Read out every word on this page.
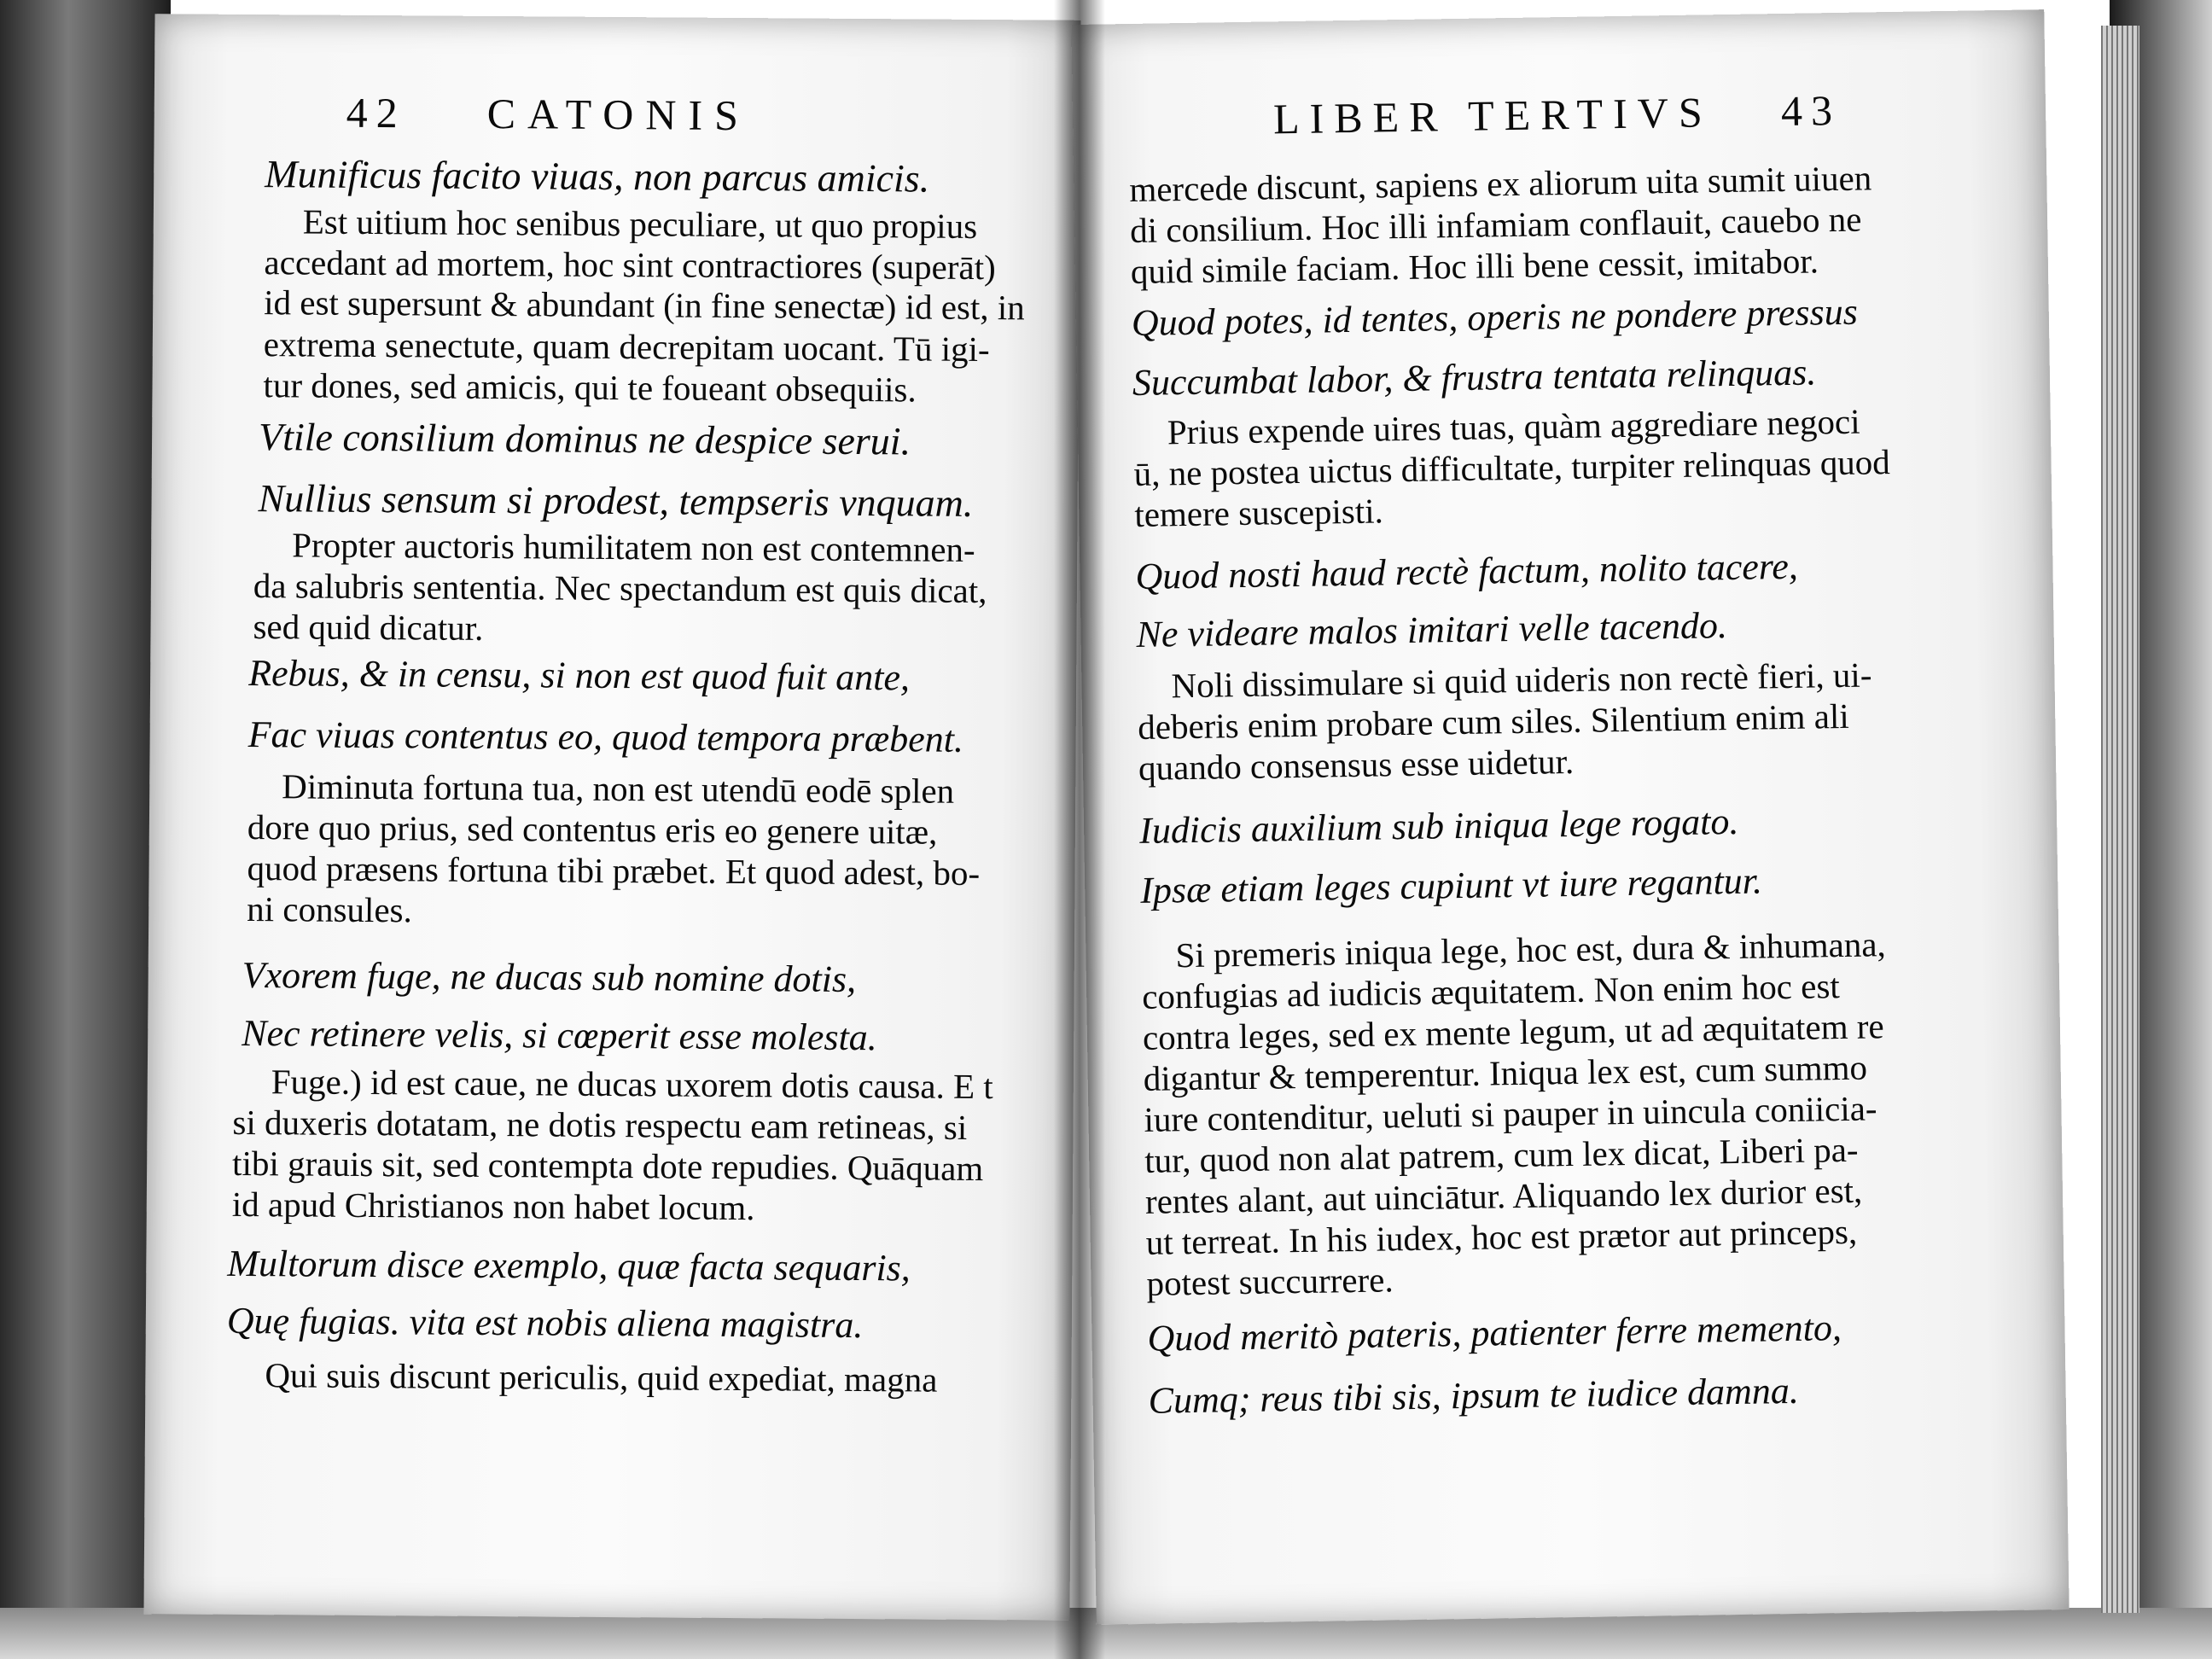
42 CATONIS
Munificus facito viuas, non parcus amicis.
Est uitium hoc senibus peculiare, ut quo propius
accedant ad mortem, hoc sint contractiores (superāt)
id est supersunt & abundant (in fine senectæ) id est, in
extrema senectute, quam decrepitam uocant. Tū igi-
tur dones, sed amicis, qui te foueant obsequiis.
Vtile consilium dominus ne despice serui.
Nullius sensum si prodest, tempseris vnquam.
Propter auctoris humilitatem non est contemnen-
da salubris sententia. Nec spectandum est quis dicat,
sed quid dicatur.
Rebus, & in censu, si non est quod fuit ante,
Fac viuas contentus eo, quod tempora præbent.
Diminuta fortuna tua, non est utendū eodē splen
dore quo prius, sed contentus eris eo genere uitæ,
quod præsens fortuna tibi præbet. Et quod adest, bo-
ni consules.
Vxorem fuge, ne ducas sub nomine dotis,
Nec retinere velis, si cœperit esse molesta.
Fuge.) id est caue, ne ducas uxorem dotis causa. E t
si duxeris dotatam, ne dotis respectu eam retineas, si
tibi grauis sit, sed contempta dote repudies. Quāquam
id apud Christianos non habet locum.
Multorum disce exemplo, quæ facta sequaris,
Quę fugias. vita est nobis aliena magistra.
Qui suis discunt periculis, quid expediat, magna
LIBER TERTIVS 43
mercede discunt, sapiens ex aliorum uita sumit uiuen
di consilium. Hoc illi infamiam conflauit, cauebo ne
quid simile faciam. Hoc illi bene cessit, imitabor.
Quod potes, id tentes, operis ne pondere pressus
Succumbat labor, & frustra tentata relinquas.
Prius expende uires tuas, quàm aggrediare negoci
ū, ne postea uictus difficultate, turpiter relinquas quod
temere suscepisti.
Quod nosti haud rectè factum, nolito tacere,
Ne videare malos imitari velle tacendo.
Noli dissimulare si quid uideris non rectè fieri, ui-
deberis enim probare cum siles. Silentium enim ali
quando consensus esse uidetur.
Iudicis auxilium sub iniqua lege rogato.
Ipsæ etiam leges cupiunt vt iure regantur.
Si premeris iniqua lege, hoc est, dura & inhumana,
confugias ad iudicis æquitatem. Non enim hoc est
contra leges, sed ex mente legum, ut ad æquitatem re
digantur & temperentur. Iniqua lex est, cum summo
iure contenditur, ueluti si pauper in uincula coniicia-
tur, quod non alat patrem, cum lex dicat, Liberi pa-
rentes alant, aut uinciātur. Aliquando lex durior est,
ut terreat. In his iudex, hoc est prætor aut princeps,
potest succurrere.
Quod meritò pateris, patienter ferre memento,
Cumq; reus tibi sis, ipsum te iudice damna.
